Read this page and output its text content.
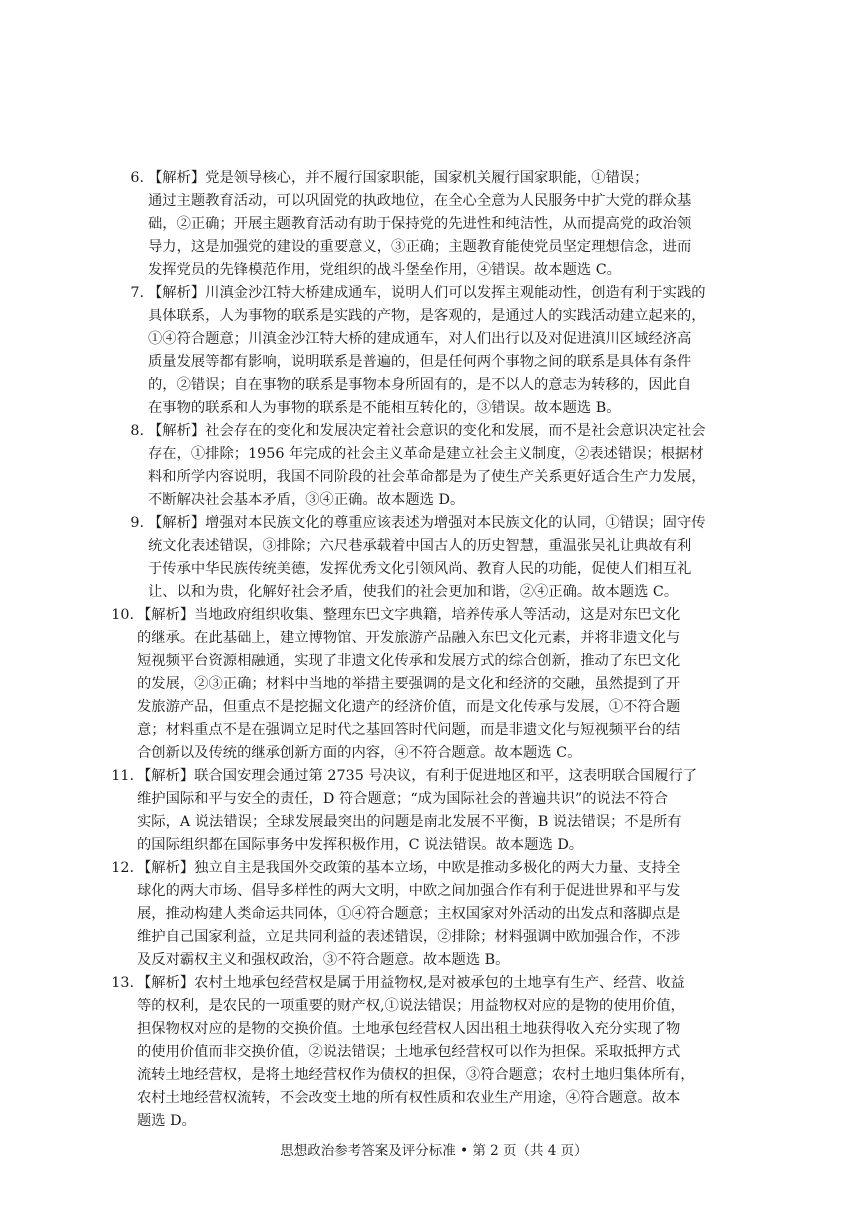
6. 【解析】党是领导核心，并不履行国家职能，国家机关履行国家职能，①错误；
通过主题教育活动，可以巩固党的执政地位，在全心全意为人民服务中扩大党的群众基
础，②正确；开展主题教育活动有助于保持党的先进性和纯洁性，从而提高党的政治领
导力，这是加强党的建设的重要意义，③正确；主题教育能使党员坚定理想信念，进而
发挥党员的先锋模范作用，党组织的战斗堡垒作用，④错误。故本题选 C。
7. 【解析】川滇金沙江特大桥建成通车，说明人们可以发挥主观能动性，创造有利于实践的
具体联系，人为事物的联系是实践的产物，是客观的，是通过人的实践活动建立起来的，
①④符合题意；川滇金沙江特大桥的建成通车，对人们出行以及对促进滇川区域经济高
质量发展等都有影响，说明联系是普遍的，但是任何两个事物之间的联系是具体有条件
的，②错误；自在事物的联系是事物本身所固有的，是不以人的意志为转移的，因此自
在事物的联系和人为事物的联系是不能相互转化的，③错误。故本题选 B。
8. 【解析】社会存在的变化和发展决定着社会意识的变化和发展，而不是社会意识决定社会
存在，①排除；1956 年完成的社会主义革命是建立社会主义制度，②表述错误；根据材
料和所学内容说明，我国不同阶段的社会革命都是为了使生产关系更好适合生产力发展，
不断解决社会基本矛盾，③④正确。故本题选 D。
9. 【解析】增强对本民族文化的尊重应该表述为增强对本民族文化的认同，①错误；固守传
统文化表述错误，③排除；六尺巷承载着中国古人的历史智慧，重温张吴礼让典故有利
于传承中华民族传统美德，发挥优秀文化引领风尚、教育人民的功能，促使人们相互礼
让、以和为贵，化解好社会矛盾，使我们的社会更加和谐，②④正确。故本题选 C。
10. 【解析】当地政府组织收集、整理东巴文字典籍，培养传承人等活动，这是对东巴文化
的继承。在此基础上，建立博物馆、开发旅游产品融入东巴文化元素，并将非遗文化与
短视频平台资源相融通，实现了非遗文化传承和发展方式的综合创新，推动了东巴文化
的发展，②③正确；材料中当地的举措主要强调的是文化和经济的交融，虽然提到了开
发旅游产品，但重点不是挖掘文化遗产的经济价值，而是文化传承与发展，①不符合题
意；材料重点不是在强调立足时代之基回答时代问题，而是非遗文化与短视频平台的结
合创新以及传统的继承创新方面的内容，④不符合题意。故本题选 C。
11. 【解析】联合国安理会通过第 2735 号决议，有利于促进地区和平，这表明联合国履行了
维护国际和平与安全的责任，D 符合题意；“成为国际社会的普遍共识”的说法不符合
实际，A 说法错误；全球发展最突出的问题是南北发展不平衡，B 说法错误；不是所有
的国际组织都在国际事务中发挥积极作用，C 说法错误。故本题选 D。
12. 【解析】独立自主是我国外交政策的基本立场，中欧是推动多极化的两大力量、支持全
球化的两大市场、倡导多样性的两大文明，中欧之间加强合作有利于促进世界和平与发
展，推动构建人类命运共同体，①④符合题意；主权国家对外活动的出发点和落脚点是
维护自己国家利益，立足共同利益的表述错误，②排除；材料强调中欧加强合作，不涉
及反对霸权主义和强权政治，③不符合题意。故本题选 B。
13. 【解析】农村土地承包经营权是属于用益物权,是对被承包的土地享有生产、经营、收益
等的权利，是农民的一项重要的财产权,①说法错误；用益物权对应的是物的使用价值，
担保物权对应的是物的交换价值。土地承包经营权人因出租土地获得收入充分实现了物
的使用价值而非交换价值，②说法错误；土地承包经营权可以作为担保。采取抵押方式
流转土地经营权，是将土地经营权作为债权的担保，③符合题意；农村土地归集体所有，
农村土地经营权流转，不会改变土地的所有权性质和农业生产用途，④符合题意。故本
题选 D。
思想政治参考答案及评分标准 • 第 2 页（共 4 页）
